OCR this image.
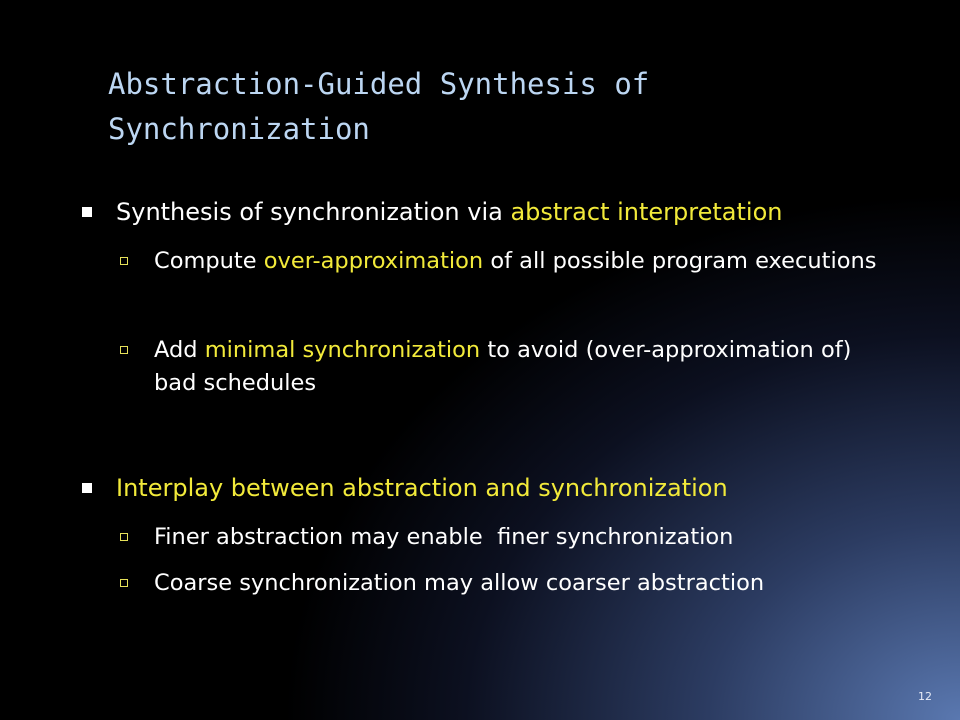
Abstraction-Guided Synthesis of Synchronization
Synthesis of synchronization via abstract interpretation
Compute over-approximation of all possible program executions
Add minimal synchronization to avoid (over-approximation of) bad schedules
Interplay between abstraction and synchronization
Finer abstraction may enable  finer synchronization
Coarse synchronization may allow coarser abstraction
12
